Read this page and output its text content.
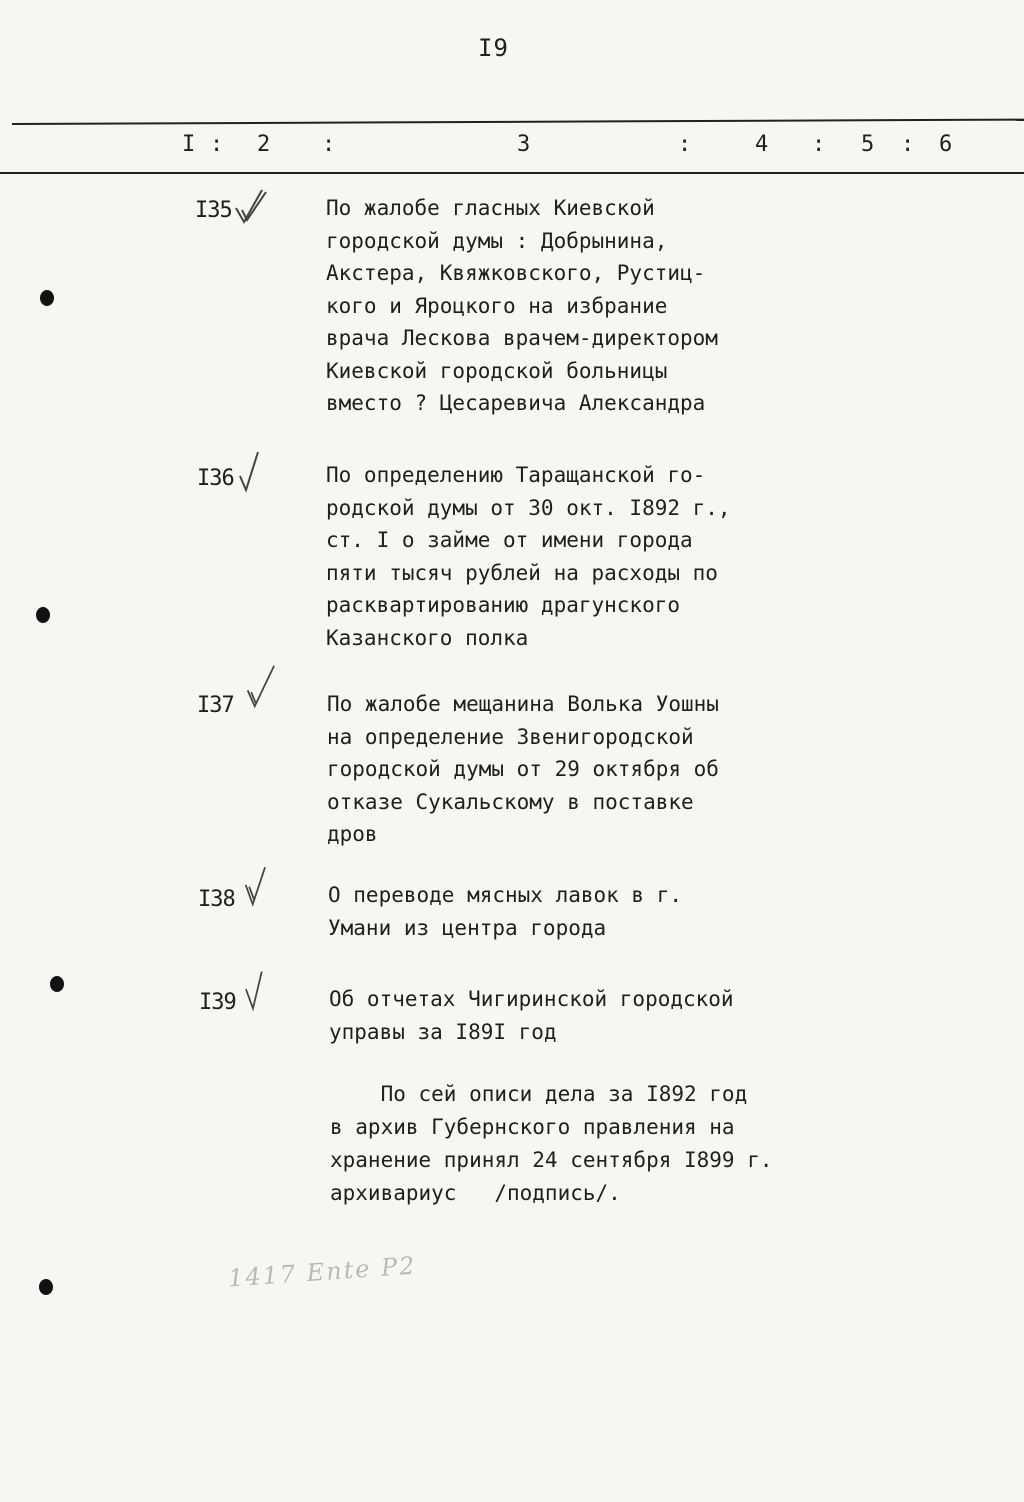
I9
I : 2 :	3	:	4 : 5 : 6
I35	По жалобе гласных Киевской
городской думы : Добрынина,
Акстера, Квяжковского, Рустиц-
кого и Яроцкого на избрание
врача Лескова врачем-директором
Киевской городской больницы
вместо ? Цесаревича Александра
I36	По определению Таращанской го-
родской думы от 30 окт. I892 г.,
ст. I о займе от имени города
пяти тысяч рублей на расходы по
расквартированию драгунского
Казанского полка
I37	По жалобе мещанина Волька Уошны
на определение Звенигородской
городской думы от 29 октября об
отказе Сукальскому в поставке
дров
I38	О переводе мясных лавок в г.
Умани из центра города
I39	Об отчетах Чигиринской городской
управы за I89I год
По сей описи дела за I892 год
в архив Губернского правления на
хранение принял 24 сентября I899 г.
архивариус   /подпись/.
1417 Ente P2
